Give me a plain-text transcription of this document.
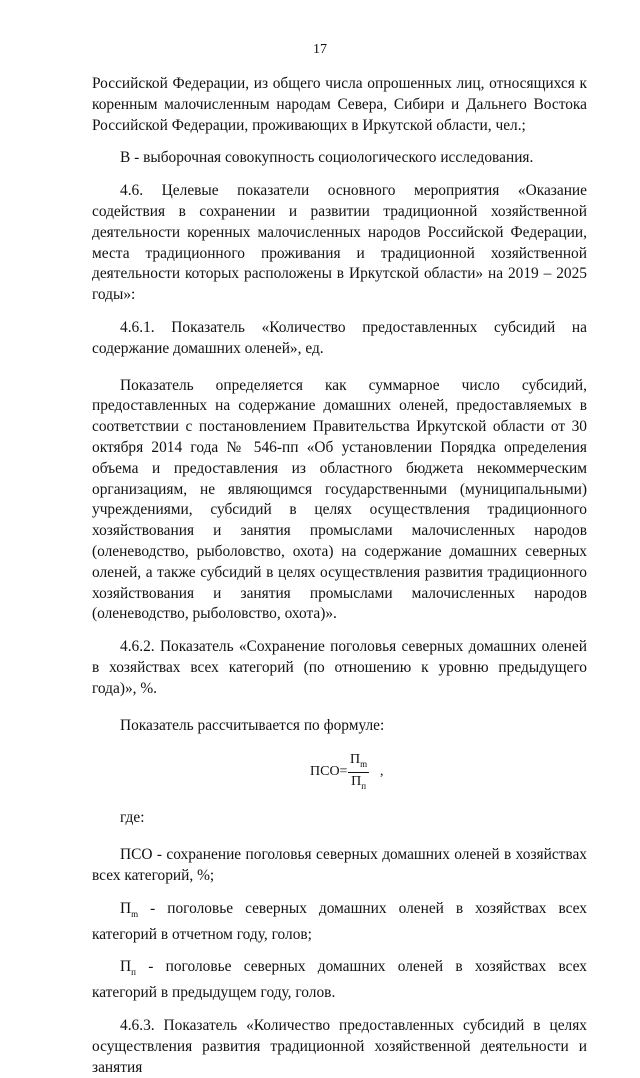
17

Российской Федерации, из общего числа опрошенных лиц, относящихся к коренным малочисленным народам Севера, Сибири и Дальнего Востока Российской Федерации, проживающих в Иркутской области, чел.;

В - выборочная совокупность социологического исследования.

4.6. Целевые показатели основного мероприятия «Оказание содействия в сохранении и развитии традиционной хозяйственной деятельности коренных малочисленных народов Российской Федерации, места традиционного проживания и традиционной хозяйственной деятельности которых расположены в Иркутской области» на 2019 – 2025 годы»:

4.6.1. Показатель «Количество предоставленных субсидий на содержание домашних оленей», ед.

Показатель определяется как суммарное число субсидий, предоставленных на содержание домашних оленей, предоставляемых в соответствии с постановлением Правительства Иркутской области от 30 октября 2014 года № 546-пп «Об установлении Порядка определения объема и предоставления из областного бюджета некоммерческим организациям, не являющимся государственными (муниципальными) учреждениями, субсидий в целях осуществления традиционного хозяйствования и занятия промыслами малочисленных народов (оленеводство, рыболовство, охота) на содержание домашних северных оленей, а также субсидий в целях осуществления развития традиционного хозяйствования и занятия промыслами малочисленных народов (оленеводство, рыболовство, охота)».

4.6.2. Показатель «Сохранение поголовья северных домашних оленей в хозяйствах всех категорий (по отношению к уровню предыдущего года)», %.

Показатель рассчитывается по формуле:

ПСО=
$П_m$
$П_п$
,

где:

ПСО - сохранение поголовья северных домашних оленей в хозяйствах всех категорий, %;

$П_m$ - поголовье северных домашних оленей в хозяйствах всех категорий в отчетном году, голов;

$П_п$ - поголовье северных домашних оленей в хозяйствах всех категорий в предыдущем году, голов.

4.6.3. Показатель «Количество предоставленных субсидий в целях осуществления развития традиционной хозяйственной деятельности и занятия
